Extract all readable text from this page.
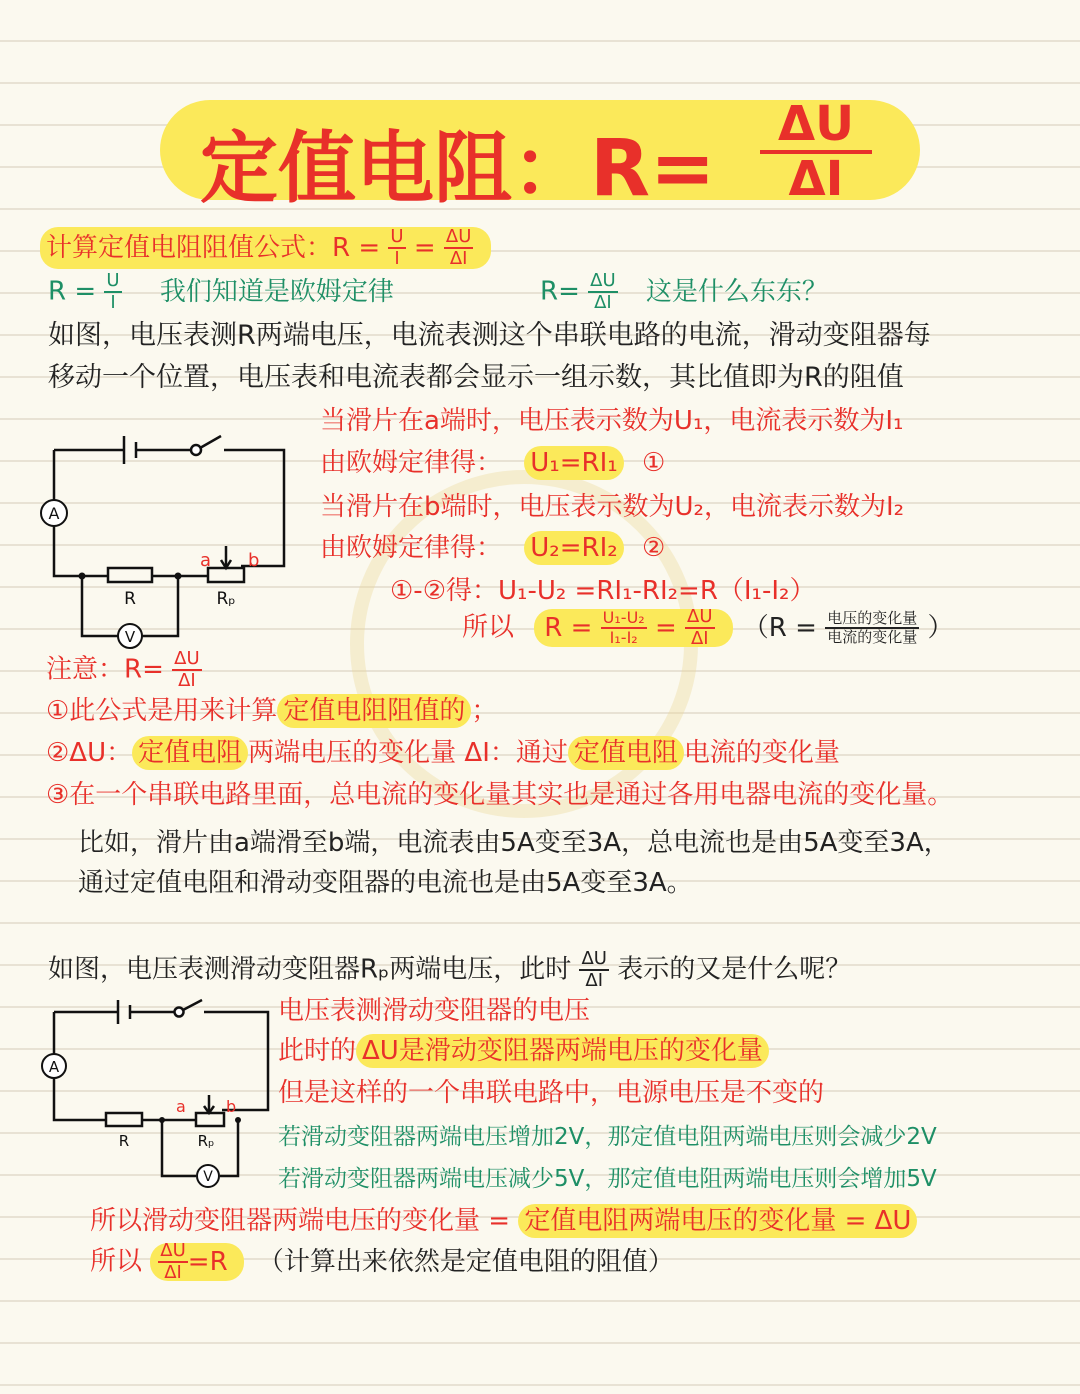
定值电阻：$R= \frac{\Delta U}{\Delta I}$
计算定值电阻阻值公式：$R = \frac{U}{I} = \frac{\Delta U}{\Delta I}$
$R = \frac{U}{I}$ 我们知道是欧姆定律	$R= \frac{\Delta U}{\Delta I}$ 这是什么东东？
如图，电压表测R两端电压，电流表测这个串联电路的电流，滑动变阻器每
移动一个位置，电压表和电流表都会显示一组示数，其比值即为R的阻值
A
V
R	Rₚ
a b
当滑片在a端时，电压表示数为U₁，电流表示数为I₁
由欧姆定律得： U₁=RI₁ ①
当滑片在b端时，电压表示数为U₂，电流表示数为I₂
由欧姆定律得： U₂=RI₂ ②
①-②得：U₁-U₂ =RI₁-RI₂=R（I₁-I₂）
所以 $R = \frac{\text{U₁-U₂}}{\text{I₁-I₂}} = \frac{\Delta U}{\Delta I} (R = \frac{\text{电压的变化量}}{\text{电流的变化量}}$ ）
注意：$R= \frac{\Delta U}{\Delta I}$
①此公式是用来计算 定值电阻阻值的 ；
②ΔU： 定值电阻 两端电压的变化量 ΔI：通过 定值电阻 电流的变化量
③在一个串联电路里面，总电流的变化量其实也是通过各用电器电流的变化量。
比如，滑片由a端滑至b端，电流表由5A变至3A，总电流也是由5A变至3A，
通过定值电阻和滑动变阻器的电流也是由5A变至3A。
如图，电压表测滑动变阻器Rₚ两端电压，此时 $\frac{\Delta U}{\Delta I}$ 表示的又是什么呢？
A
V
R	Rₚ
a	b
电压表测滑动变阻器的电压
此时的 ΔU是滑动变阻器两端电压的变化量
但是这样的一个串联电路中，电源电压是不变的
若滑动变阻器两端电压增加2V，那定值电阻两端电压则会减少2V
若滑动变阻器两端电压减少5V，那定值电阻两端电压则会增加5V
所以滑动变阻器两端电压的变化量 = 定值电阻两端电压的变化量 = ΔU
所以 $\frac{\Delta U}{\Delta I} =R$ （计算出来依然是定值电阻的阻值）
